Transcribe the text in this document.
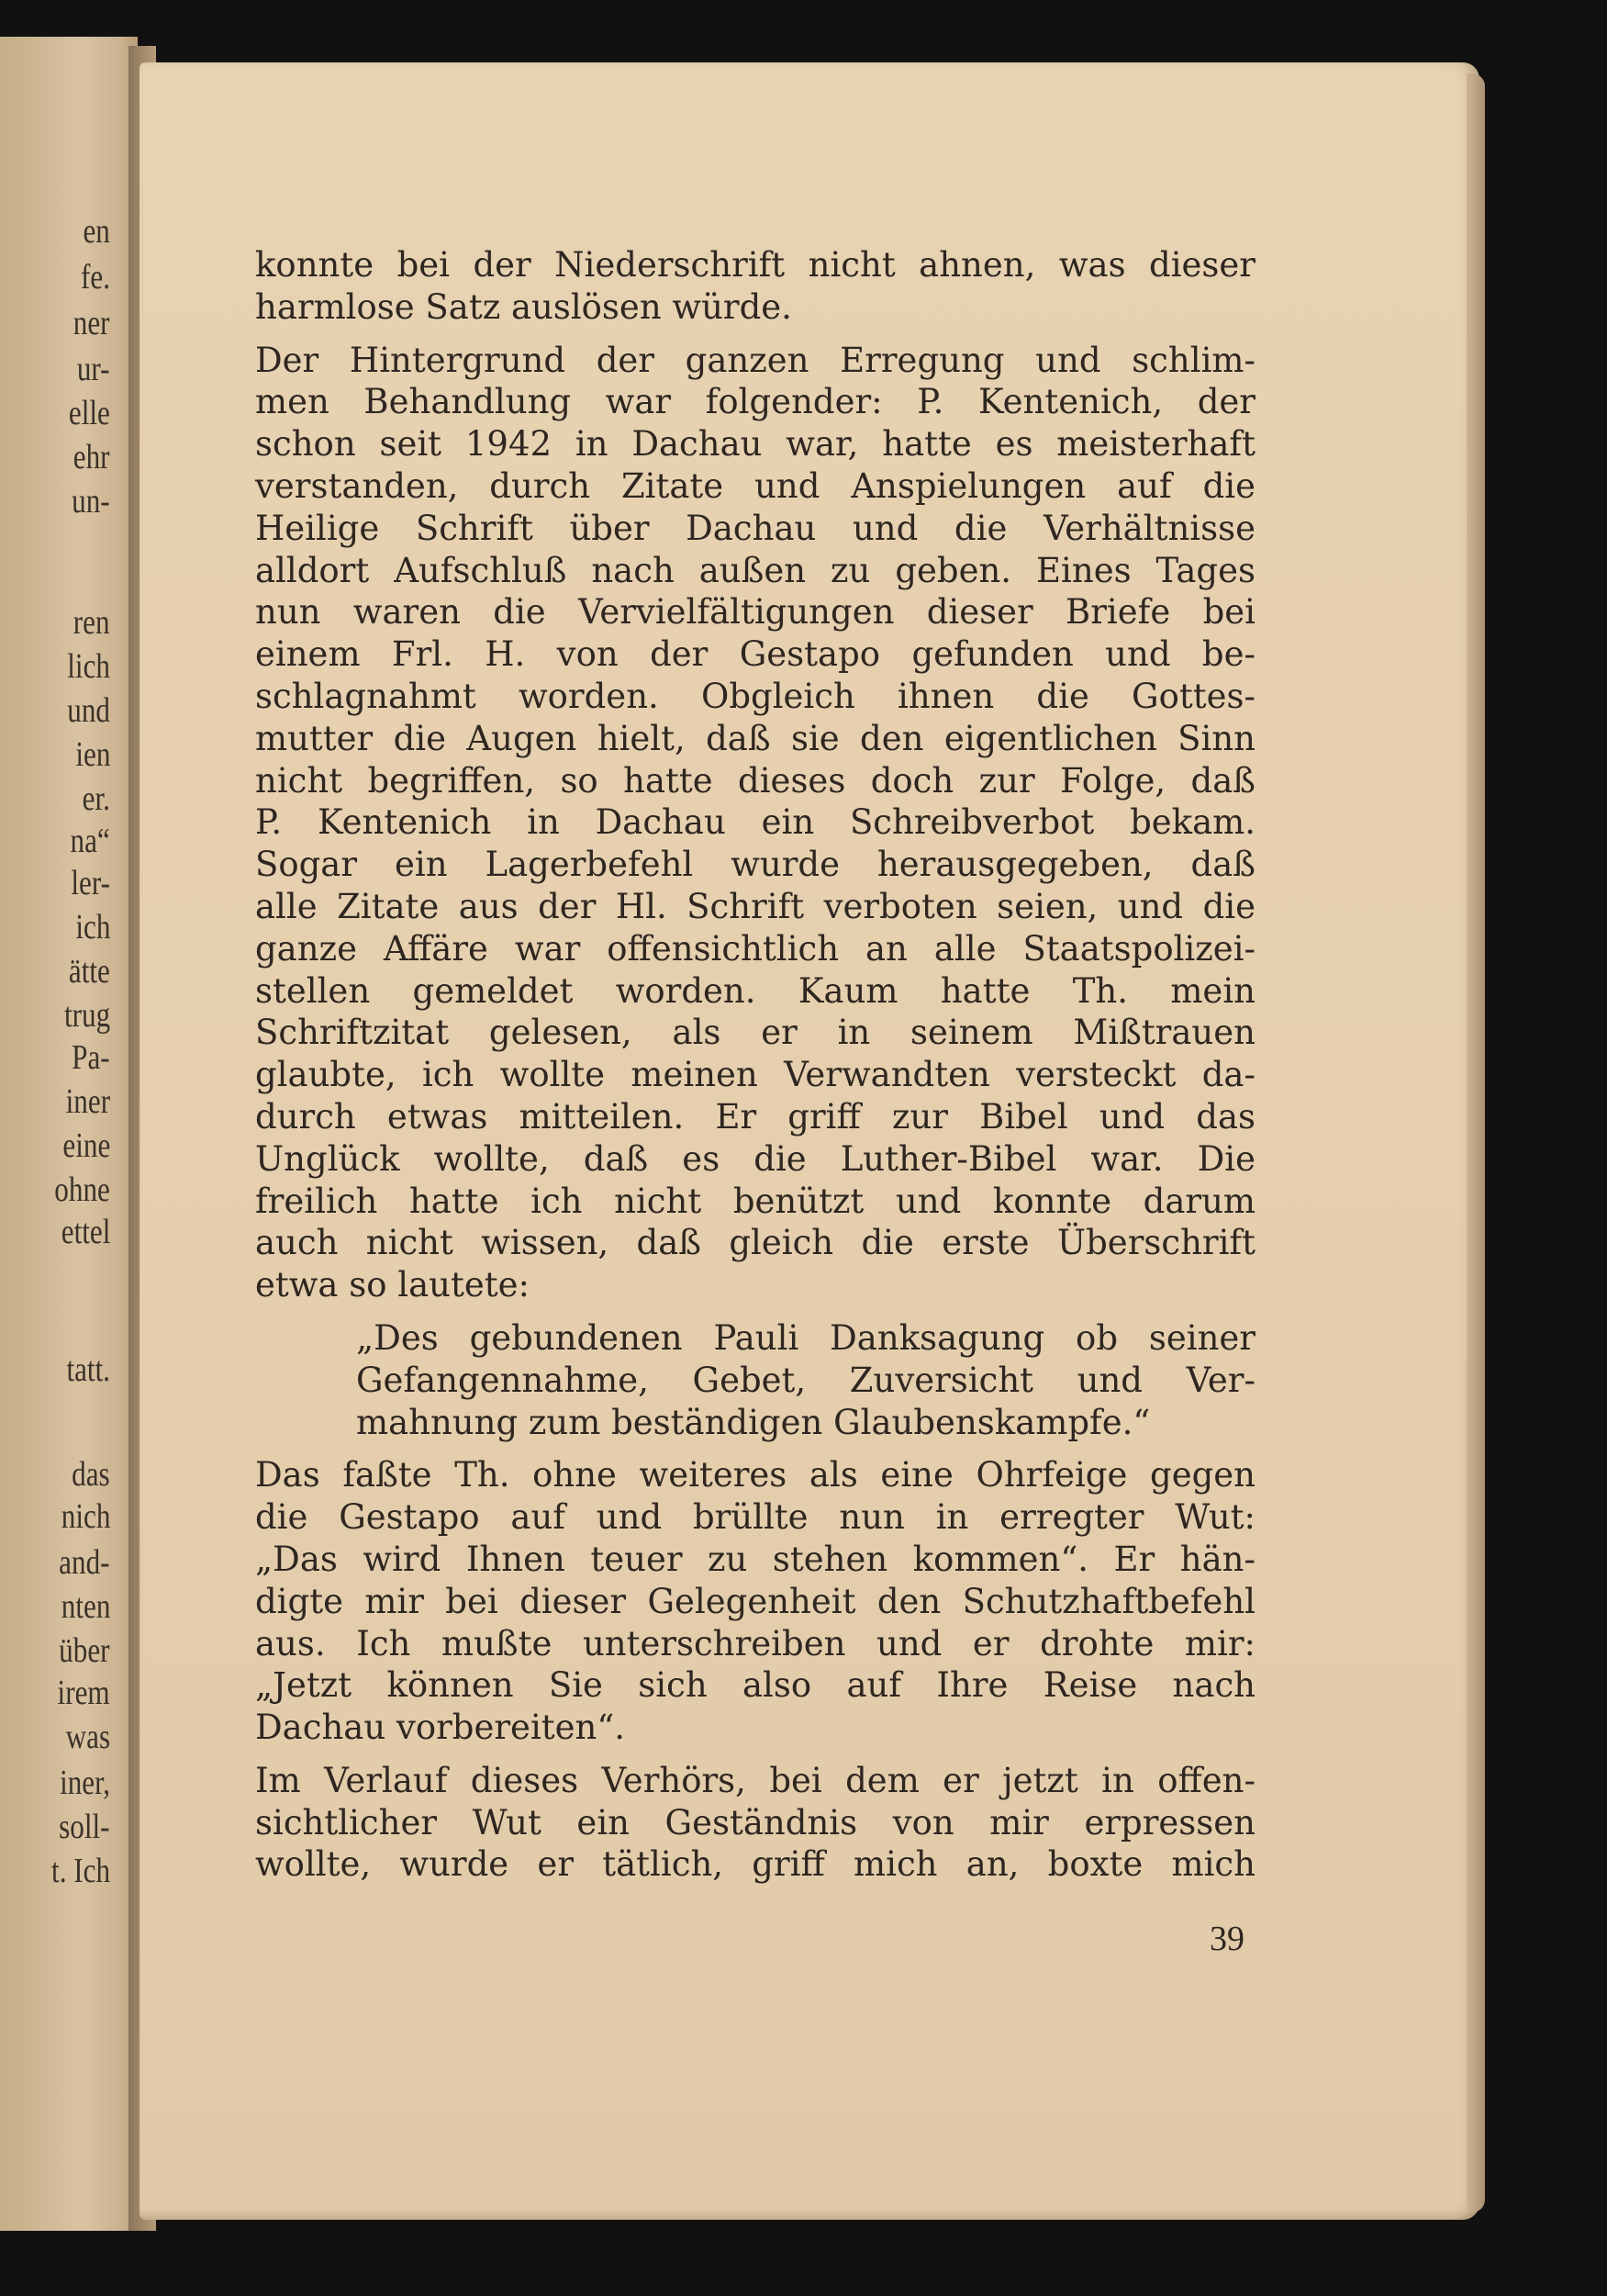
en
fe.
ner
ur-
elle
ehr
un-
ren
lich
und
ien
er.
na“
ler-
ich
ätte
trug
Pa-
iner
eine
ohne
ettel
tatt.
das
nich
and-
nten
über
irem
was
iner,
soll-
t. Ich
konnte bei der Niederschrift nicht ahnen, was dieser
harmlose Satz auslösen würde.
Der Hintergrund der ganzen Erregung und schlim-
men Behandlung war folgender: P. Kentenich, der
schon seit 1942 in Dachau war, hatte es meisterhaft
verstanden, durch Zitate und Anspielungen auf die
Heilige Schrift über Dachau und die Verhältnisse
alldort Aufschluß nach außen zu geben. Eines Tages
nun waren die Vervielfältigungen dieser Briefe bei
einem Frl. H. von der Gestapo gefunden und be-
schlagnahmt worden. Obgleich ihnen die Gottes-
mutter die Augen hielt, daß sie den eigentlichen Sinn
nicht begriffen, so hatte dieses doch zur Folge, daß
P. Kentenich in Dachau ein Schreibverbot bekam.
Sogar ein Lagerbefehl wurde herausgegeben, daß
alle Zitate aus der Hl. Schrift verboten seien, und die
ganze Affäre war offensichtlich an alle Staatspolizei-
stellen gemeldet worden. Kaum hatte Th. mein
Schriftzitat gelesen, als er in seinem Mißtrauen
glaubte, ich wollte meinen Verwandten versteckt da-
durch etwas mitteilen. Er griff zur Bibel und das
Unglück wollte, daß es die Luther-Bibel war. Die
freilich hatte ich nicht benützt und konnte darum
auch nicht wissen, daß gleich die erste Überschrift
etwa so lautete:
„Des gebundenen Pauli Danksagung ob seiner
Gefangennahme, Gebet, Zuversicht und Ver-
mahnung zum beständigen Glaubenskampfe.“
Das faßte Th. ohne weiteres als eine Ohrfeige gegen
die Gestapo auf und brüllte nun in erregter Wut:
„Das wird Ihnen teuer zu stehen kommen“. Er hän-
digte mir bei dieser Gelegenheit den Schutzhaftbefehl
aus. Ich mußte unterschreiben und er drohte mir:
„Jetzt können Sie sich also auf Ihre Reise nach
Dachau vorbereiten“.
Im Verlauf dieses Verhörs, bei dem er jetzt in offen-
sichtlicher Wut ein Geständnis von mir erpressen
wollte, wurde er tätlich, griff mich an, boxte mich
39
